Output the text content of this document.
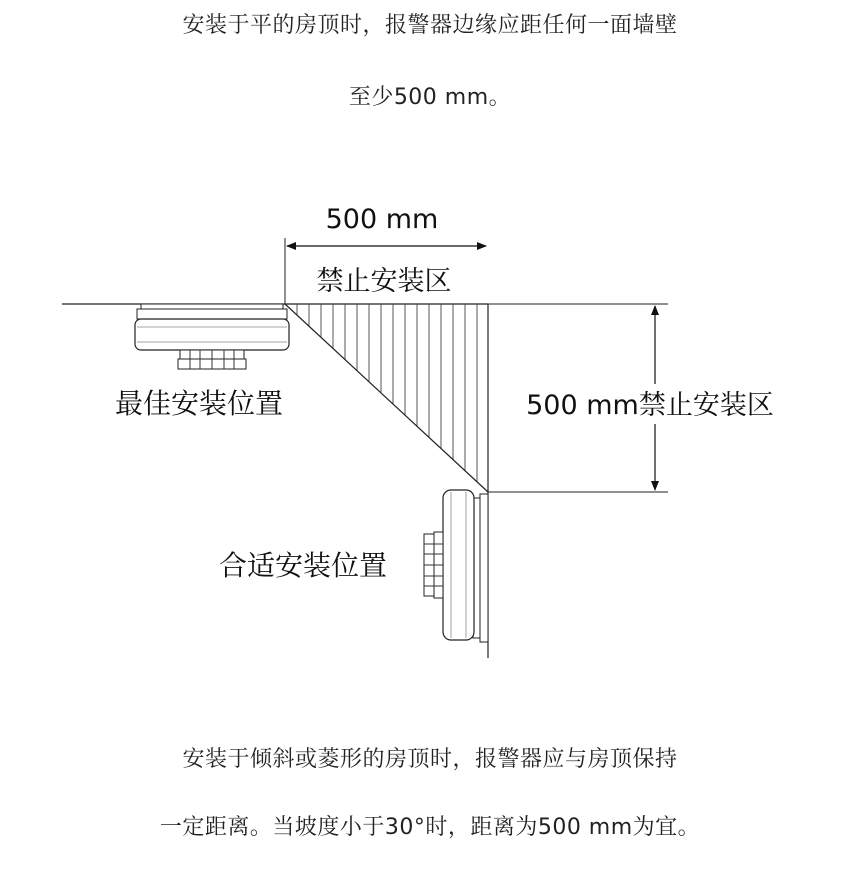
安装于平的房顶时，报警器边缘应距任何一面墙壁
至少500 mm。
500 mm
禁止安装区
500 mm禁止安装区
最佳安装位置
合适安装位置
安装于倾斜或菱形的房顶时，报警器应与房顶保持
一定距离。当坡度小于30°时，距离为500 mm为宜。
